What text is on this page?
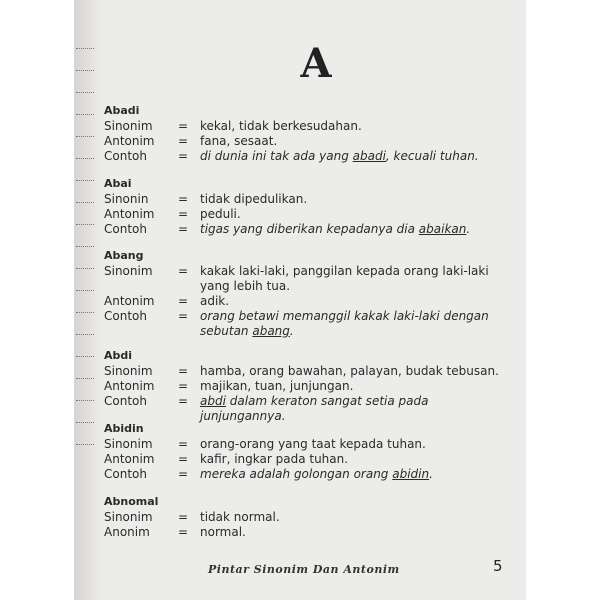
A
Abadi
Sinonim = kekal, tidak berkesudahan.
Antonim = fana, sesaat.
Contoh	= di dunia ini tak ada yang abadi, kecuali tuhan.
Abai
Sinonin = tidak dipedulikan.
Antonim = peduli.
Contoh	= tigas yang diberikan kepadanya dia abaikan.
Abang
Sinonim = kakak laki-laki, panggilan kepada orang laki-laki yang lebih tua.
Antonim = adik.
Contoh	= orang betawi memanggil kakak laki-laki dengan sebutan abang.
Abdi
Sinonim = hamba, orang bawahan, palayan, budak tebusan.
Antonim = majikan, tuan, junjungan.
Contoh	= abdi dalam keraton sangat setia pada junjungannya.
Abidin
Sinonim = orang-orang yang taat kepada tuhan.
Antonim = kafir, ingkar pada tuhan.
Contoh	= mereka adalah golongan orang abidin.
Abnomal
Sinonim = tidak normal.
Anonim = normal.
Pintar Sinonim Dan Antonim	5
